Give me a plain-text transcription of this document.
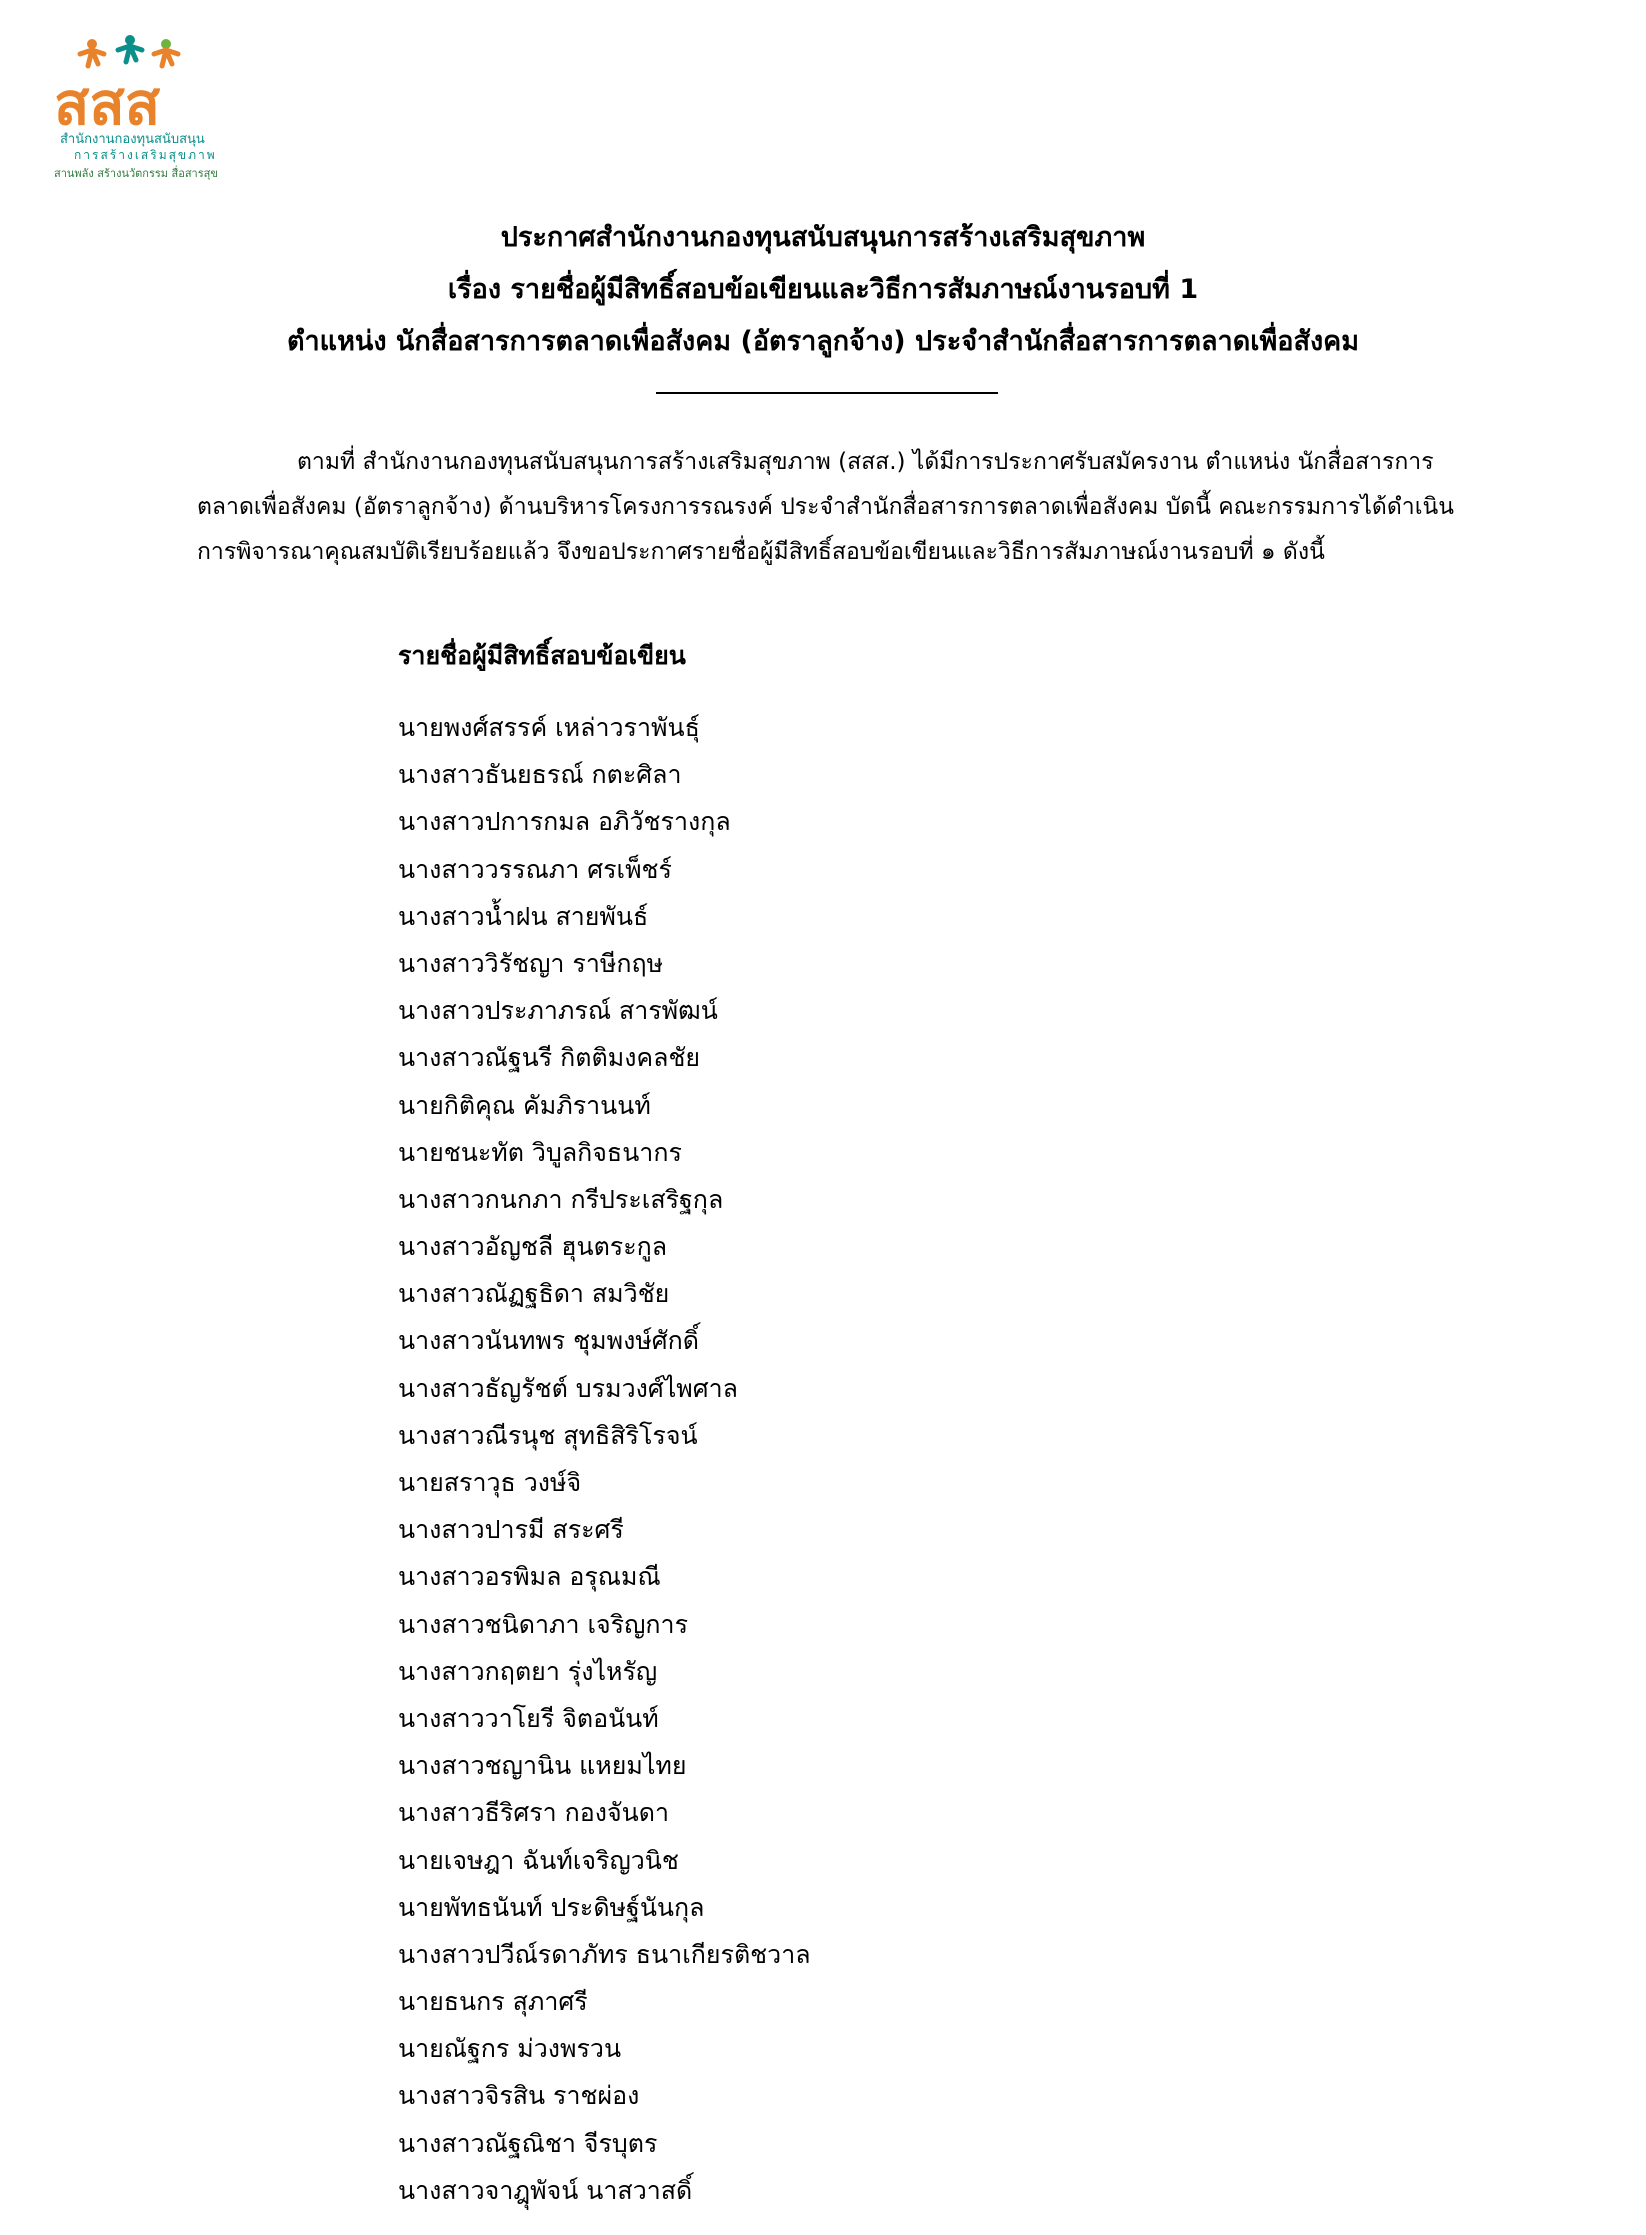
สสส
สำนักงานกองทุนสนับสนุน
การสร้างเสริมสุขภาพ
สานพลัง สร้างนวัตกรรม สื่อสารสุข
ประกาศสำนักงานกองทุนสนับสนุนการสร้างเสริมสุขภาพ
เรื่อง รายชื่อผู้มีสิทธิ์สอบข้อเขียนและวิธีการสัมภาษณ์งานรอบที่ 1
ตำแหน่ง นักสื่อสารการตลาดเพื่อสังคม (อัตราลูกจ้าง) ประจำสำนักสื่อสารการตลาดเพื่อสังคม

ตามที่ สำนักงานกองทุนสนับสนุนการสร้างเสริมสุขภาพ (สสส.) ได้มีการประกาศรับสมัครงาน ตำแหน่ง นักสื่อสารการตลาดเพื่อสังคม (อัตราลูกจ้าง) ด้านบริหารโครงการรณรงค์ ประจำสำนักสื่อสารการตลาดเพื่อสังคม บัดนี้ คณะกรรมการได้ดำเนินการพิจารณาคุณสมบัติเรียบร้อยแล้ว จึงขอประกาศรายชื่อผู้มีสิทธิ์สอบข้อเขียนและวิธีการสัมภาษณ์งานรอบที่ ๑ ดังนี้

รายชื่อผู้มีสิทธิ์สอบข้อเขียน
นายพงศ์สรรค์ เหล่าวราพันธุ์
นางสาวธันยธรณ์ กตะศิลา
นางสาวปการกมล อภิวัชรางกุล
นางสาววรรณภา ศรเพ็ชร์
นางสาวน้ำฝน สายพันธ์
นางสาววิรัชญา ราษีกฤษ
นางสาวประภาภรณ์ สารพัฒน์
นางสาวณัฐนรี กิตติมงคลชัย
นายกิติคุณ คัมภิรานนท์
นายชนะทัต วิบูลกิจธนากร
นางสาวกนกภา กรีประเสริฐกุล
นางสาวอัญชลี ฮุนตระกูล
นางสาวณัฏฐธิดา สมวิชัย
นางสาวนันทพร ชุมพงษ์ศักดิ์
นางสาวธัญรัชต์ บรมวงศ์ไพศาล
นางสาวณีรนุช สุทธิสิริโรจน์
นายสราวุธ วงษ์จิ
นางสาวปารมี สระศรี
นางสาวอรพิมล อรุณมณี
นางสาวชนิดาภา เจริญการ
นางสาวกฤตยา รุ่งไหรัญ
นางสาววาโยรี จิตอนันท์
นางสาวชญานิน แหยมไทย
นางสาวธีริศรา กองจันดา
นายเจษฎา ฉันท์เจริญวนิช
นายพัทธนันท์ ประดิษฐ์นันกุล
นางสาวปวีณ์รดาภัทร ธนาเกียรติชวาล
นายธนกร สุภาศรี
นายณัฐกร ม่วงพรวน
นางสาวจิรสิน ราชผ่อง
นางสาวณัฐณิชา จีรบุตร
นางสาวจาฎุพัจน์ นาสวาสดิ์
